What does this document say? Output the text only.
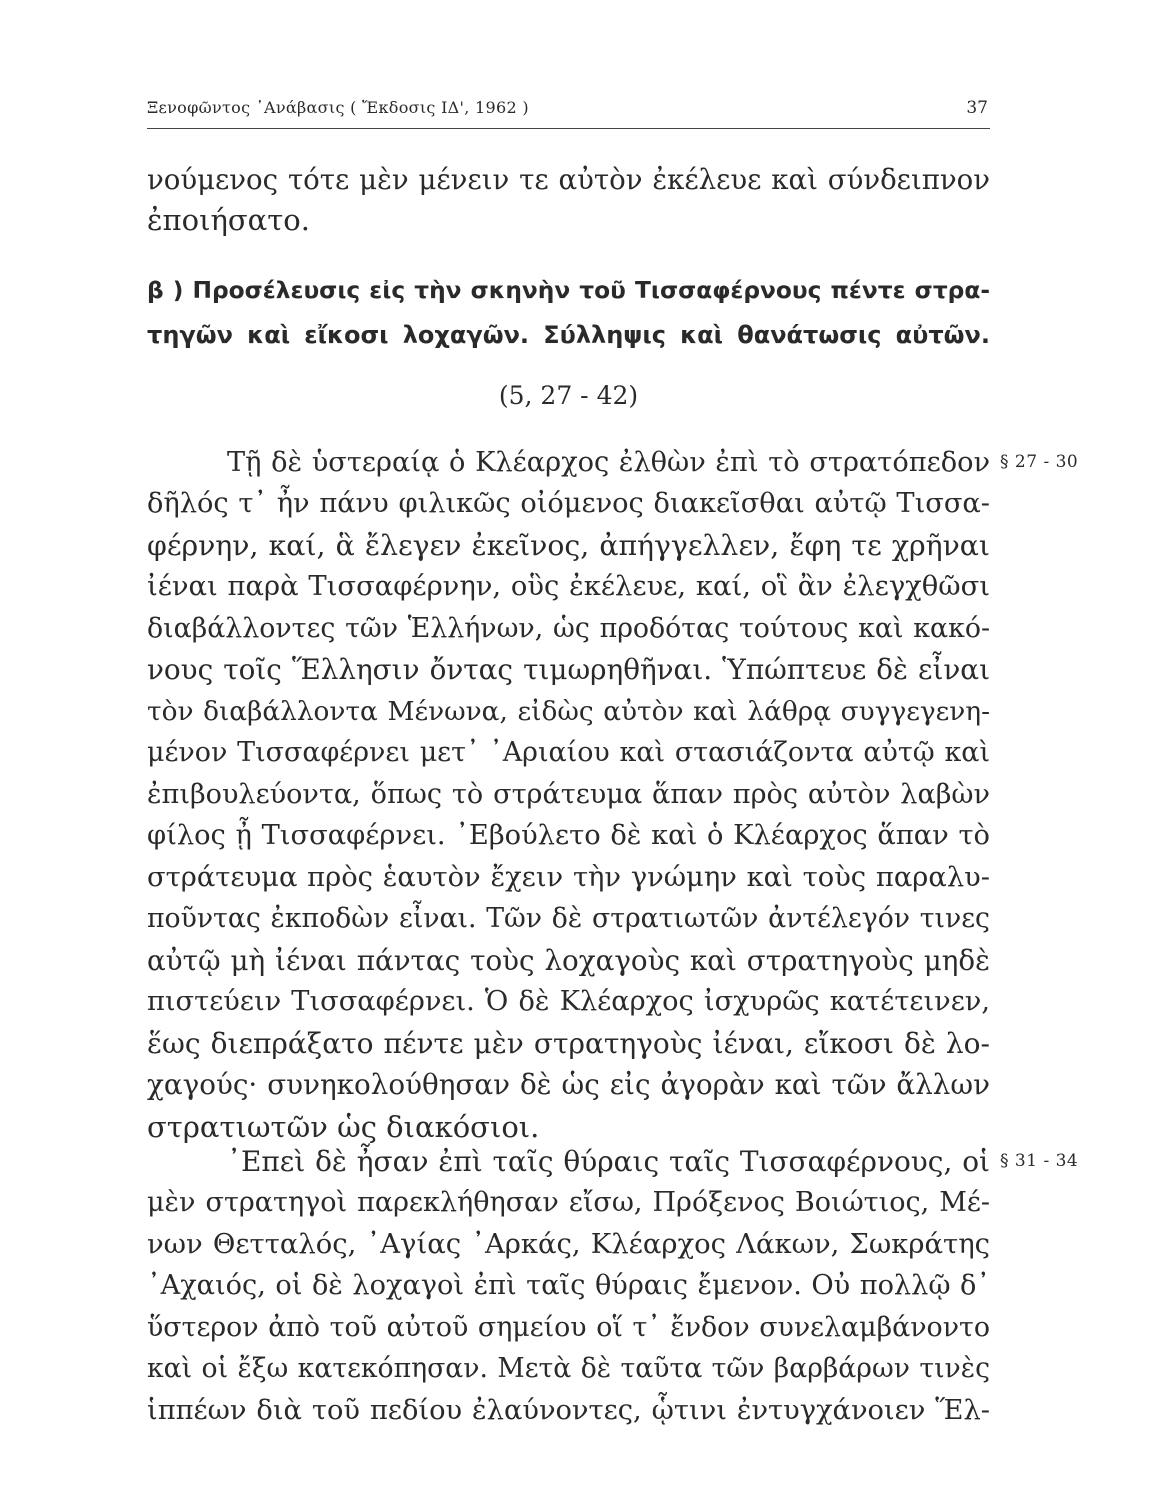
Ξενοφῶντος ᾿Ανάβασις ( Ἔκδοσις ΙΔ', 1962 )	37
νούμενος τότε μὲν μένειν τε αὐτὸν ἐκέλευε καὶ σύνδειπνον
ἐποιήσατο.
β ) Προσέλευσις εἰς τὴν σκηνὴν τοῦ Τισσαφέρνους πέντε στρα-
τηγῶν καὶ εἴκοσι λοχαγῶν. Σύλληψις καὶ θανάτωσις αὐτῶν.
(5, 27 - 42)
§ 27 - 30
Τῇ δὲ ὑστεραίᾳ ὁ Κλέαρχος ἐλθὼν ἐπὶ τὸ στρατόπεδον
δῆλός τ᾿ ἦν πάνυ φιλικῶς οἰόμενος διακεῖσθαι αὐτῷ Τισσα-
φέρνην, καί, ἃ ἔλεγεν ἐκεῖνος, ἀπήγγελλεν, ἔφη τε χρῆναι
ἰέναι παρὰ Τισσαφέρνην, οὓς ἐκέλευε, καί, οἳ ἂν ἐλεγχθῶσι
διαβάλλοντες τῶν Ἑλλήνων, ὡς προδότας τούτους καὶ κακό-
νους τοῖς Ἕλλησιν ὄντας τιμωρηθῆναι. Ὑπώπτευε δὲ εἶναι
τὸν διαβάλλοντα Μένωνα, εἰδὼς αὐτὸν καὶ λάθρᾳ συγγεγενη-
μένον Τισσαφέρνει μετ᾿ ᾿Αριαίου καὶ στασιάζοντα αὐτῷ καὶ
ἐπιβουλεύοντα, ὅπως τὸ στράτευμα ἅπαν πρὸς αὐτὸν λαβὼν
φίλος ᾖ Τισσαφέρνει. ᾿Εβούλετο δὲ καὶ ὁ Κλέαρχος ἅπαν τὸ
στράτευμα πρὸς ἑαυτὸν ἔχειν τὴν γνώμην καὶ τοὺς παραλυ-
ποῦντας ἐκποδὼν εἶναι. Τῶν δὲ στρατιωτῶν ἀντέλεγόν τινες
αὐτῷ μὴ ἰέναι πάντας τοὺς λοχαγοὺς καὶ στρατηγοὺς μηδὲ
πιστεύειν Τισσαφέρνει. Ὁ δὲ Κλέαρχος ἰσχυρῶς κατέτεινεν,
ἕως διεπράξατο πέντε μὲν στρατηγοὺς ἰέναι, εἴκοσι δὲ λο-
χαγούς· συνηκολούθησαν δὲ ὡς εἰς ἀγορὰν καὶ τῶν ἄλλων
στρατιωτῶν ὡς διακόσιοι.
§ 31 - 34
᾿Επεὶ δὲ ἦσαν ἐπὶ ταῖς θύραις ταῖς Τισσαφέρνους, οἱ
μὲν στρατηγοὶ παρεκλήθησαν εἴσω, Πρόξενος Βοιώτιος, Μέ-
νων Θετταλός, ᾿Αγίας ᾿Αρκάς, Κλέαρχος Λάκων, Σωκράτης
᾿Αχαιός, οἱ δὲ λοχαγοὶ ἐπὶ ταῖς θύραις ἔμενον. Οὐ πολλῷ δ᾿
ὕστερον ἀπὸ τοῦ αὐτοῦ σημείου οἵ τ᾿ ἔνδον συνελαμβάνοντο
καὶ οἱ ἔξω κατεκόπησαν. Μετὰ δὲ ταῦτα τῶν βαρβάρων τινὲς
ἱππέων διὰ τοῦ πεδίου ἐλαύνοντες, ᾧτινι ἐντυγχάνοιεν Ἕλ-
